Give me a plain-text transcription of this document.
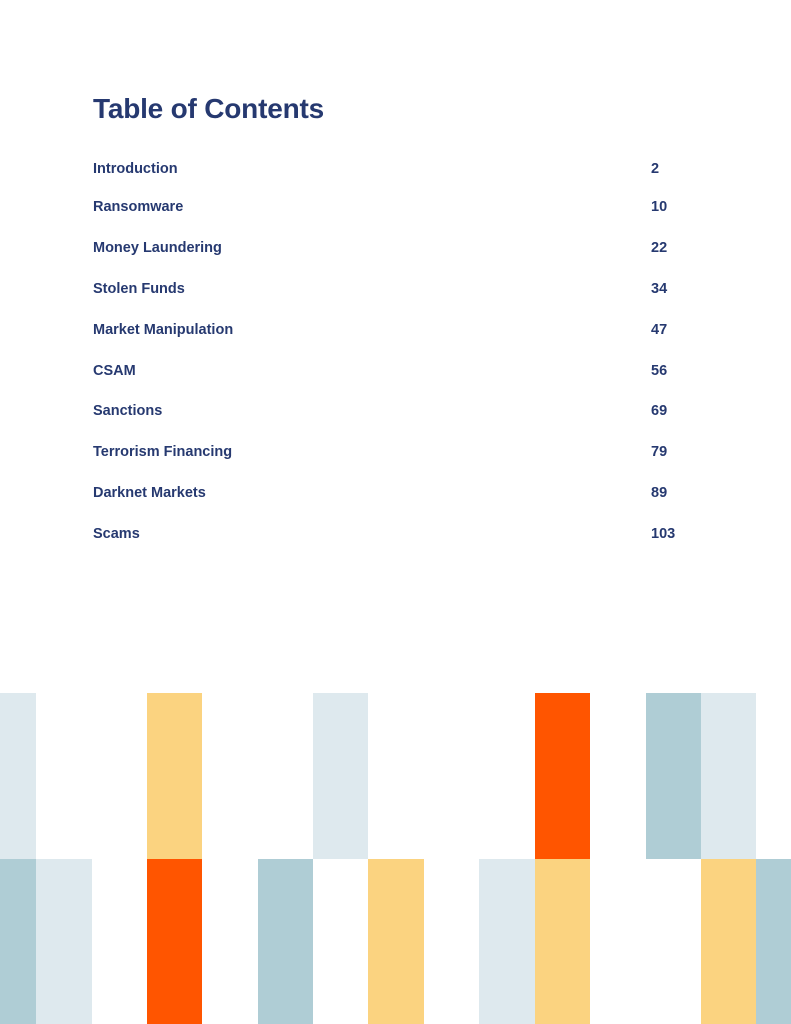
Table of Contents
Introduction	2
Ransomware	10
Money Laundering	22
Stolen Funds	34
Market Manipulation	47
CSAM	56
Sanctions	69
Terrorism Financing	79
Darknet Markets	89
Scams	103
